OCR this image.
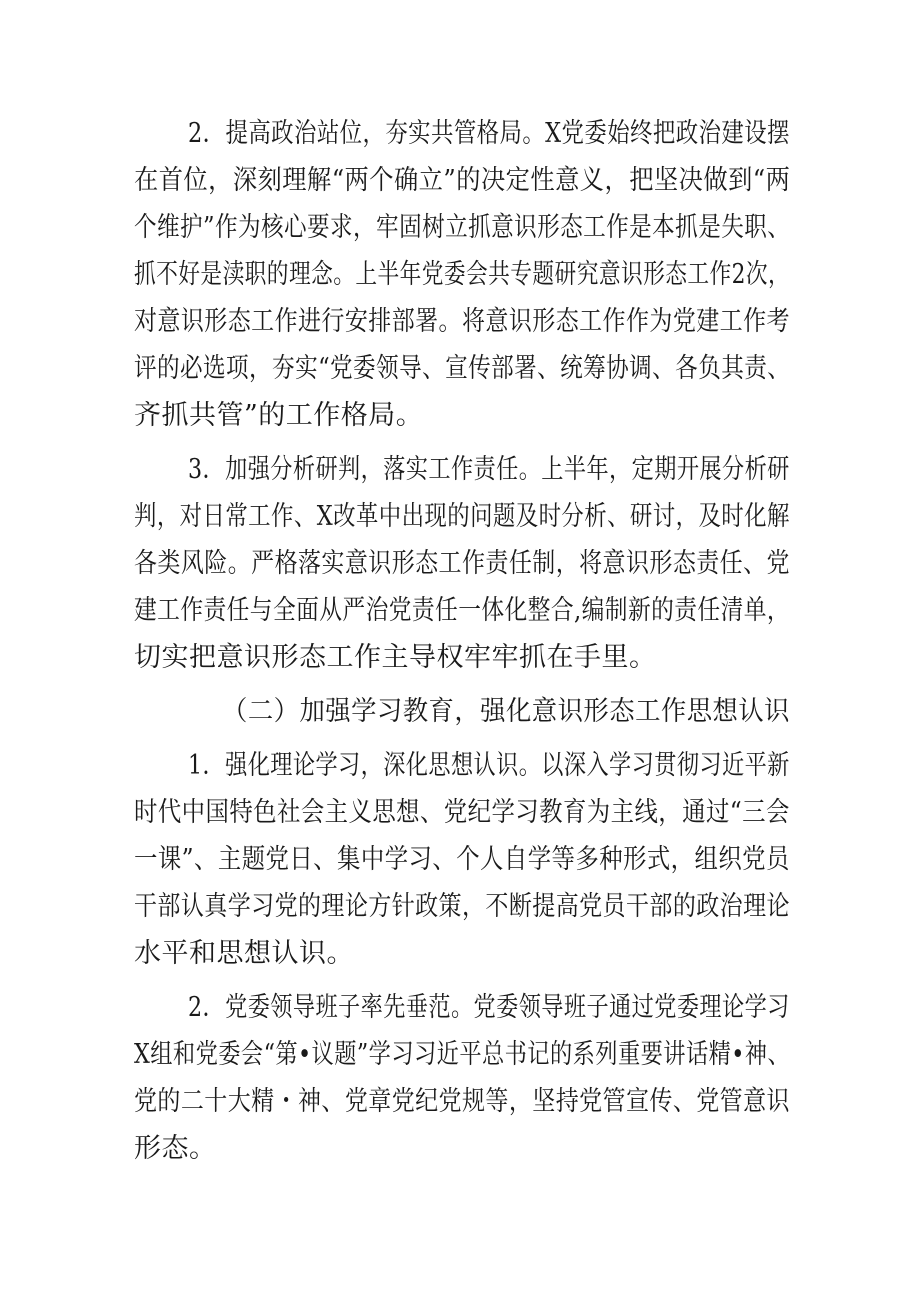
2．提高政治站位，夯实共管格局。X党委始终把政治建设摆
在首位，深刻理解“两个确立”的决定性意义，把坚决做到“两
个维护”作为核心要求，牢固树立抓意识形态工作是本抓是失职、
抓不好是渎职的理念。上半年党委会共专题研究意识形态工作2次，
对意识形态工作进行安排部署。将意识形态工作作为党建工作考
评的必选项，夯实“党委领导、宣传部署、统筹协调、各负其责、
齐抓共管”的工作格局。
3．加强分析研判，落实工作责任。上半年，定期开展分析研
判，对日常工作、X改革中出现的问题及时分析、研讨，及时化解
各类风险。严格落实意识形态工作责任制，将意识形态责任、党
建工作责任与全面从严治党责任一体化整合,编制新的责任清单，
切实把意识形态工作主导权牢牢抓在手里。
（二）加强学习教育，强化意识形态工作思想认识
1．强化理论学习，深化思想认识。以深入学习贯彻习近平新
时代中国特色社会主义思想、党纪学习教育为主线，通过“三会
一课”、主题党日、集中学习、个人自学等多种形式，组织党员
干部认真学习党的理论方针政策，不断提高党员干部的政治理论
水平和思想认识。
2．党委领导班子率先垂范。党委领导班子通过党委理论学习
X组和党委会“第•议题”学习习近平总书记的系列重要讲话精•神、
党的二十大精・神、党章党纪党规等，坚持党管宣传、党管意识
形态。
